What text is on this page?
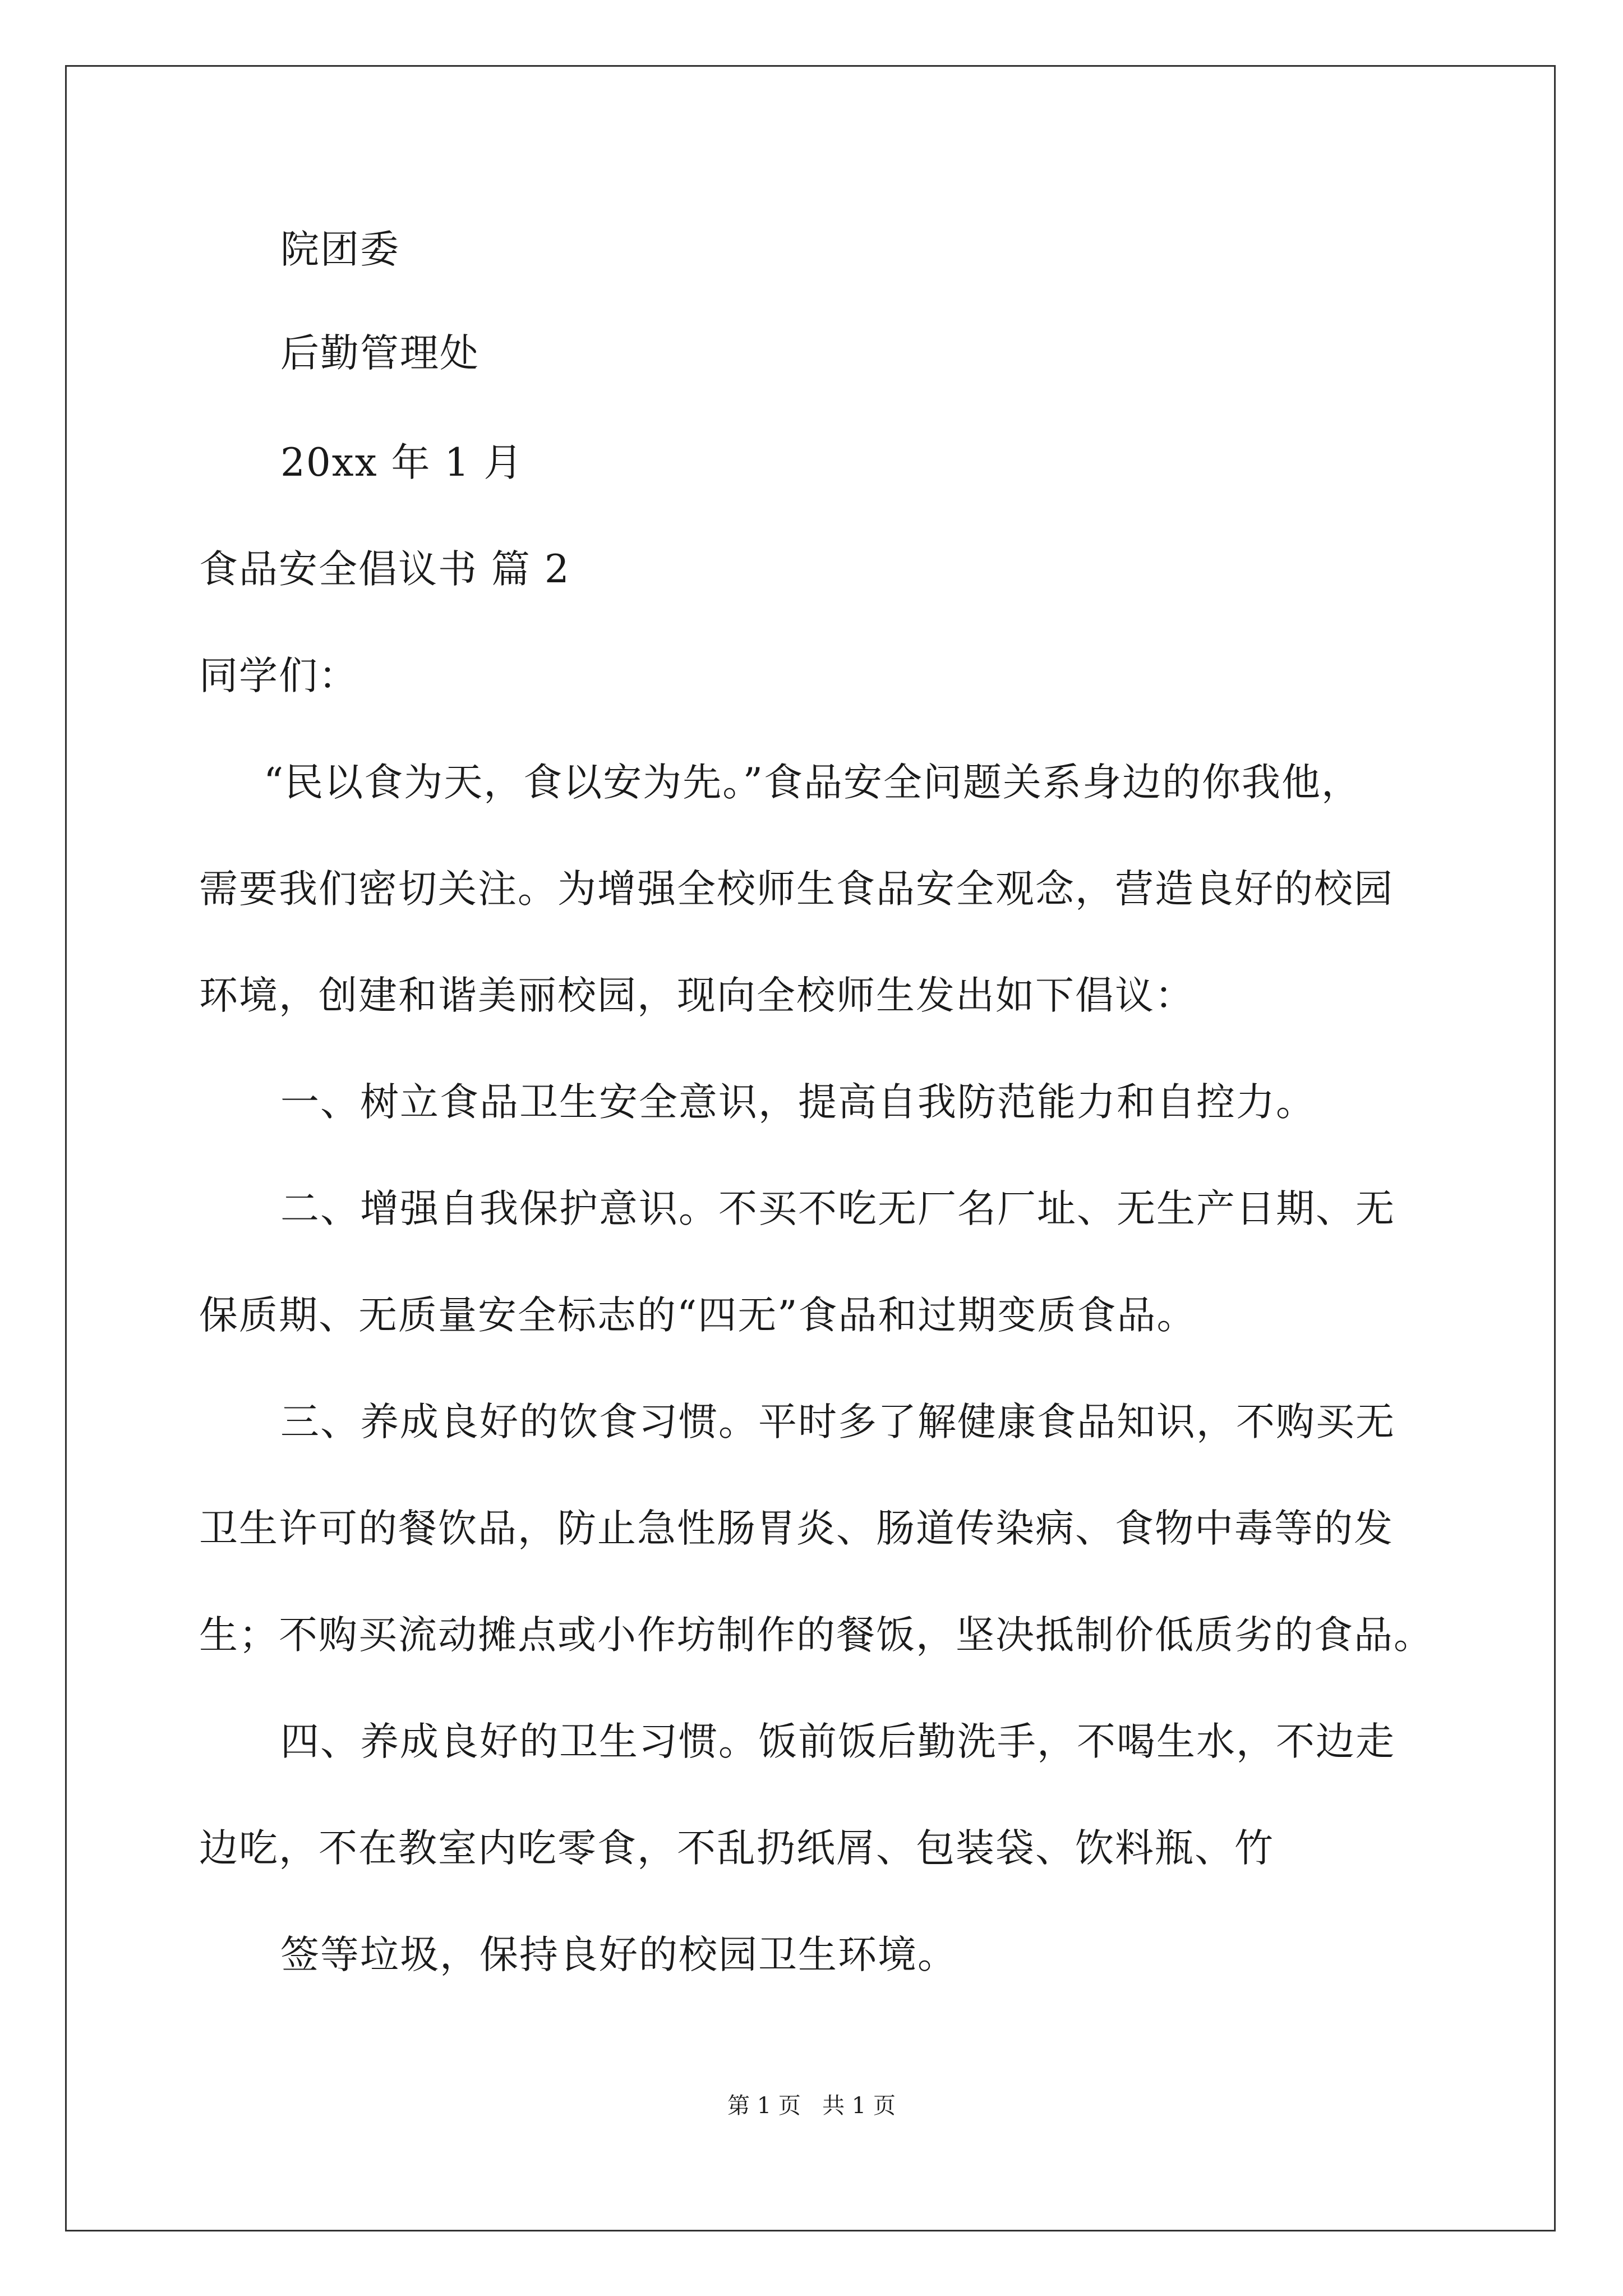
院团委

后勤管理处

20xx 年 1 月

食品安全倡议书 篇 2

同学们：

“民以食为天，食以安为先。”食品安全问题关系身边的你我他，

需要我们密切关注。为增强全校师生食品安全观念，营造良好的校园

环境，创建和谐美丽校园，现向全校师生发出如下倡议：

一、树立食品卫生安全意识，提高自我防范能力和自控力。

二、增强自我保护意识。不买不吃无厂名厂址、无生产日期、无

保质期、无质量安全标志的“四无”食品和过期变质食品。

三、养成良好的饮食习惯。平时多了解健康食品知识，不购买无

卫生许可的餐饮品，防止急性肠胃炎、肠道传染病、食物中毒等的发

生；不购买流动摊点或小作坊制作的餐饭，坚决抵制价低质劣的食品。

四、养成良好的卫生习惯。饭前饭后勤洗手，不喝生水，不边走

边吃，不在教室内吃零食，不乱扔纸屑、包装袋、饮料瓶、竹

签等垃圾，保持良好的校园卫生环境。

第 1 页   共 1 页
